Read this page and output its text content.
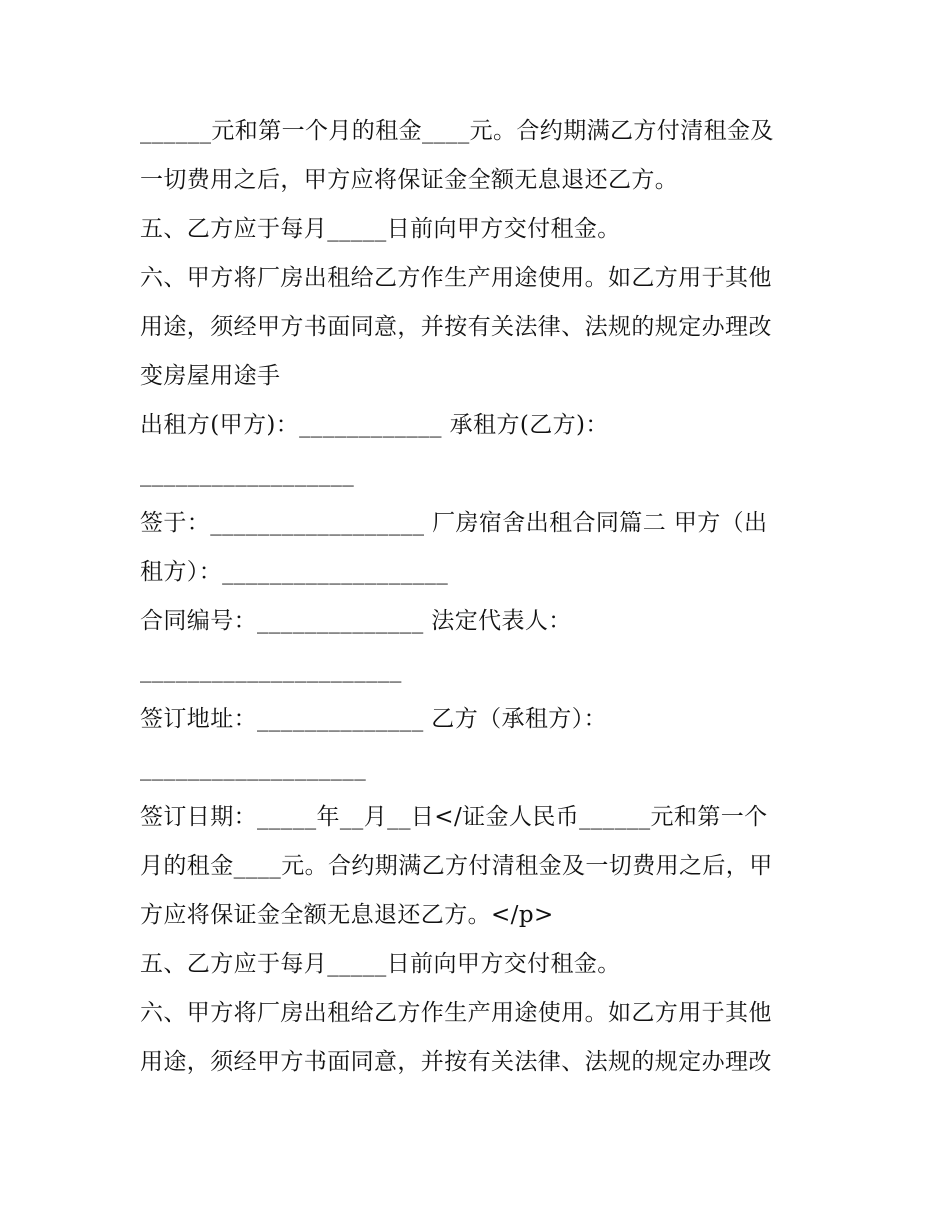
______元和第一个月的租金____元。合约期满乙方付清租金及
一切费用之后，甲方应将保证金全额无息退还乙方。
五、乙方应于每月_____日前向甲方交付租金。
六、甲方将厂房出租给乙方作生产用途使用。如乙方用于其他
用途，须经甲方书面同意，并按有关法律、法规的规定办理改
变房屋用途手
出租方(甲方)：____________ 承租方(乙方)：
__________________
签于：__________________ 厂房宿舍出租合同篇二 甲方（出
租方）：___________________
合同编号：______________ 法定代表人：
______________________
签订地址：______________ 乙方（承租方）：
___________________
签订日期：_____年__月__日</证金人民币______元和第一个
月的租金____元。合约期满乙方付清租金及一切费用之后，甲
方应将保证金全额无息退还乙方。</p>
五、乙方应于每月_____日前向甲方交付租金。
六、甲方将厂房出租给乙方作生产用途使用。如乙方用于其他
用途，须经甲方书面同意，并按有关法律、法规的规定办理改
